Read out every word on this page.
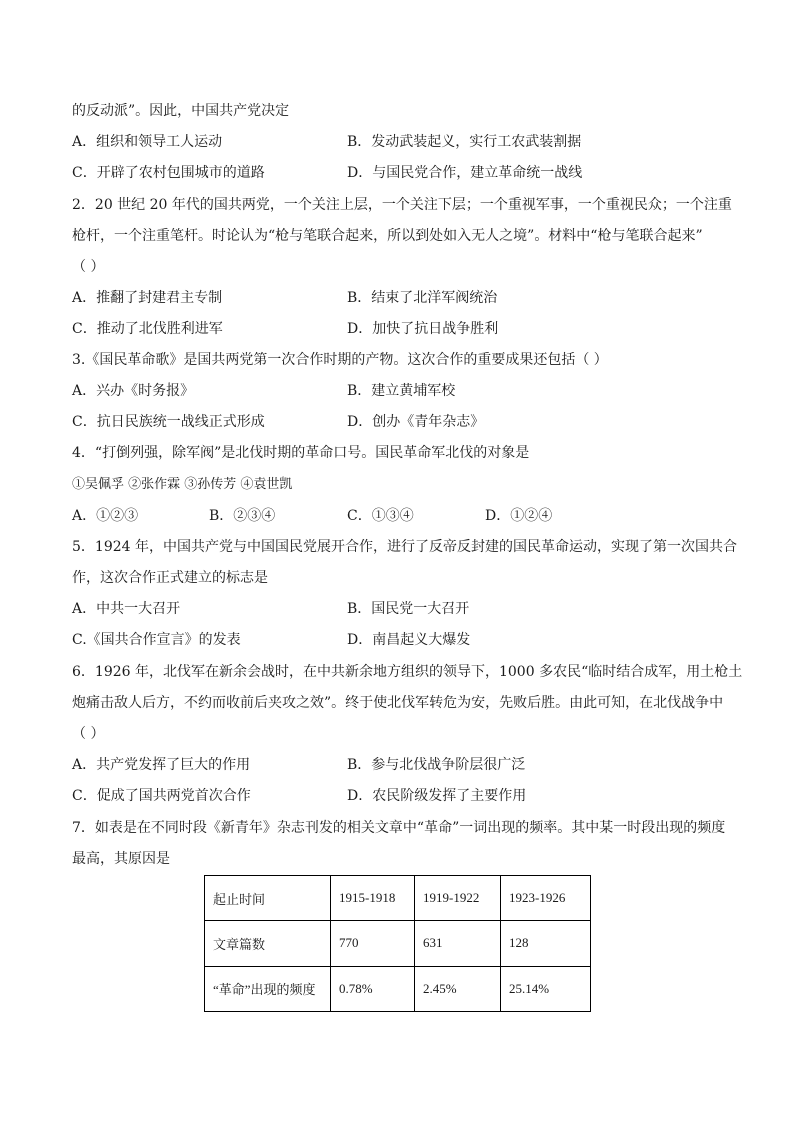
的反动派”。因此，中国共产党决定
A．组织和领导工人运动	B．发动武装起义，实行工农武装割据
C．开辟了农村包围城市的道路	D．与国民党合作，建立革命统一战线
2．20 世纪 20 年代的国共两党，一个关注上层，一个关注下层；一个重视军事，一个重视民众；一个注重
枪杆，一个注重笔杆。时论认为“枪与笔联合起来，所以到处如入无人之境”。材料中“枪与笔联合起来”
（ ）
A．推翻了封建君主专制	B．结束了北洋军阀统治
C．推动了北伐胜利进军	D．加快了抗日战争胜利
3.《国民革命歌》是国共两党第一次合作时期的产物。这次合作的重要成果还包括（ ）
A．兴办《时务报》	B．建立黄埔军校
C．抗日民族统一战线正式形成	D．创办《青年杂志》
4．“打倒列强，除军阀”是北伐时期的革命口号。国民革命军北伐的对象是
①吴佩孚 ②张作霖 ③孙传芳 ④袁世凯
A．①②③	B．②③④	C．①③④	D．①②④
5．1924 年，中国共产党与中国国民党展开合作，进行了反帝反封建的国民革命运动，实现了第一次国共合
作，这次合作正式建立的标志是
A．中共一大召开	B．国民党一大召开
C.《国共合作宣言》的发表	D．南昌起义大爆发
6．1926 年，北伐军在新余会战时，在中共新余地方组织的领导下，1000 多农民“临时结合成军，用土枪土
炮痛击敌人后方，不约而收前后夹攻之效”。终于使北伐军转危为安，先败后胜。由此可知，在北伐战争中
（ ）
A．共产党发挥了巨大的作用	B．参与北伐战争阶层很广泛
C．促成了国共两党首次合作	D．农民阶级发挥了主要作用
7．如表是在不同时段《新青年》杂志刊发的相关文章中“革命”一词出现的频率。其中某一时段出现的频度
最高，其原因是
起止时间	1915-1918	1919-1922	1923-1926
文章篇数	770	631	128
“革命”出现的频度	0.78%	2.45%	25.14%
